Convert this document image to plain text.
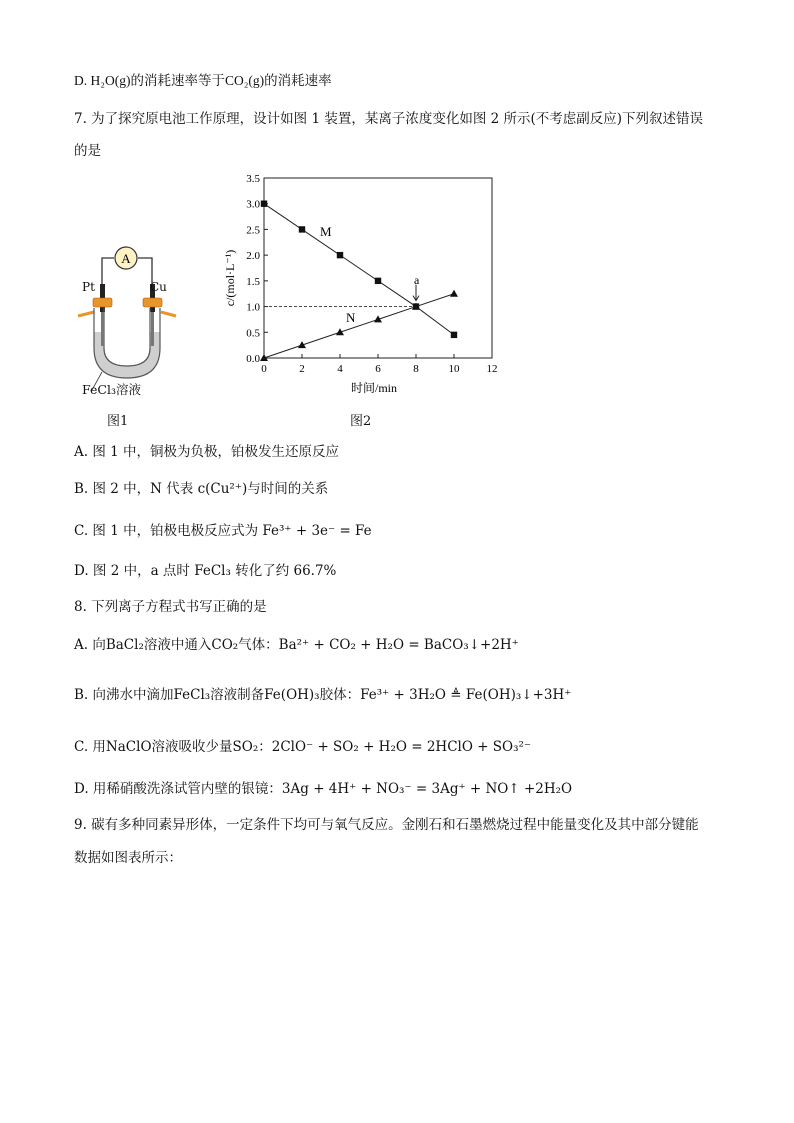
D. H₂O(g)的消耗速率等于CO₂(g)的消耗速率
7. 为了探究原电池工作原理，设计如图 1 装置，某离子浓度变化如图 2 所示(不考虑副反应)下列叙述错误
的是
A
Pt	Cu
FeCl₃溶液
图1
0.0
0.5
1.0
1.5
2.0
2.5
3.0
3.5
0	2	4	6	8	10 12
c/(mol·L⁻¹)
时间/min
M
N
a
图2
A. 图 1 中，铜极为负极，铂极发生还原反应
B. 图 2 中，N 代表 c(Cu²⁺)与时间的关系
C. 图 1 中，铂极电极反应式为 Fe³⁺ + 3e⁻ = Fe
D. 图 2 中，a 点时 FeCl₃ 转化了约 66.7%
8. 下列离子方程式书写正确的是
A. 向BaCl₂溶液中通入CO₂气体：Ba²⁺ + CO₂ + H₂O = BaCO₃↓+2H⁺
B. 向沸水中滴加FeCl₃溶液制备Fe(OH)₃胶体：Fe³⁺ + 3H₂O ≜ Fe(OH)₃↓+3H⁺
C. 用NaClO溶液吸收少量SO₂：2ClO⁻ + SO₂ + H₂O = 2HClO + SO₃²⁻
D. 用稀硝酸洗涤试管内壁的银镜：3Ag + 4H⁺ + NO₃⁻ = 3Ag⁺ + NO↑ +2H₂O
9. 碳有多种同素异形体，一定条件下均可与氧气反应。金刚石和石墨燃烧过程中能量变化及其中部分键能
数据如图表所示：
